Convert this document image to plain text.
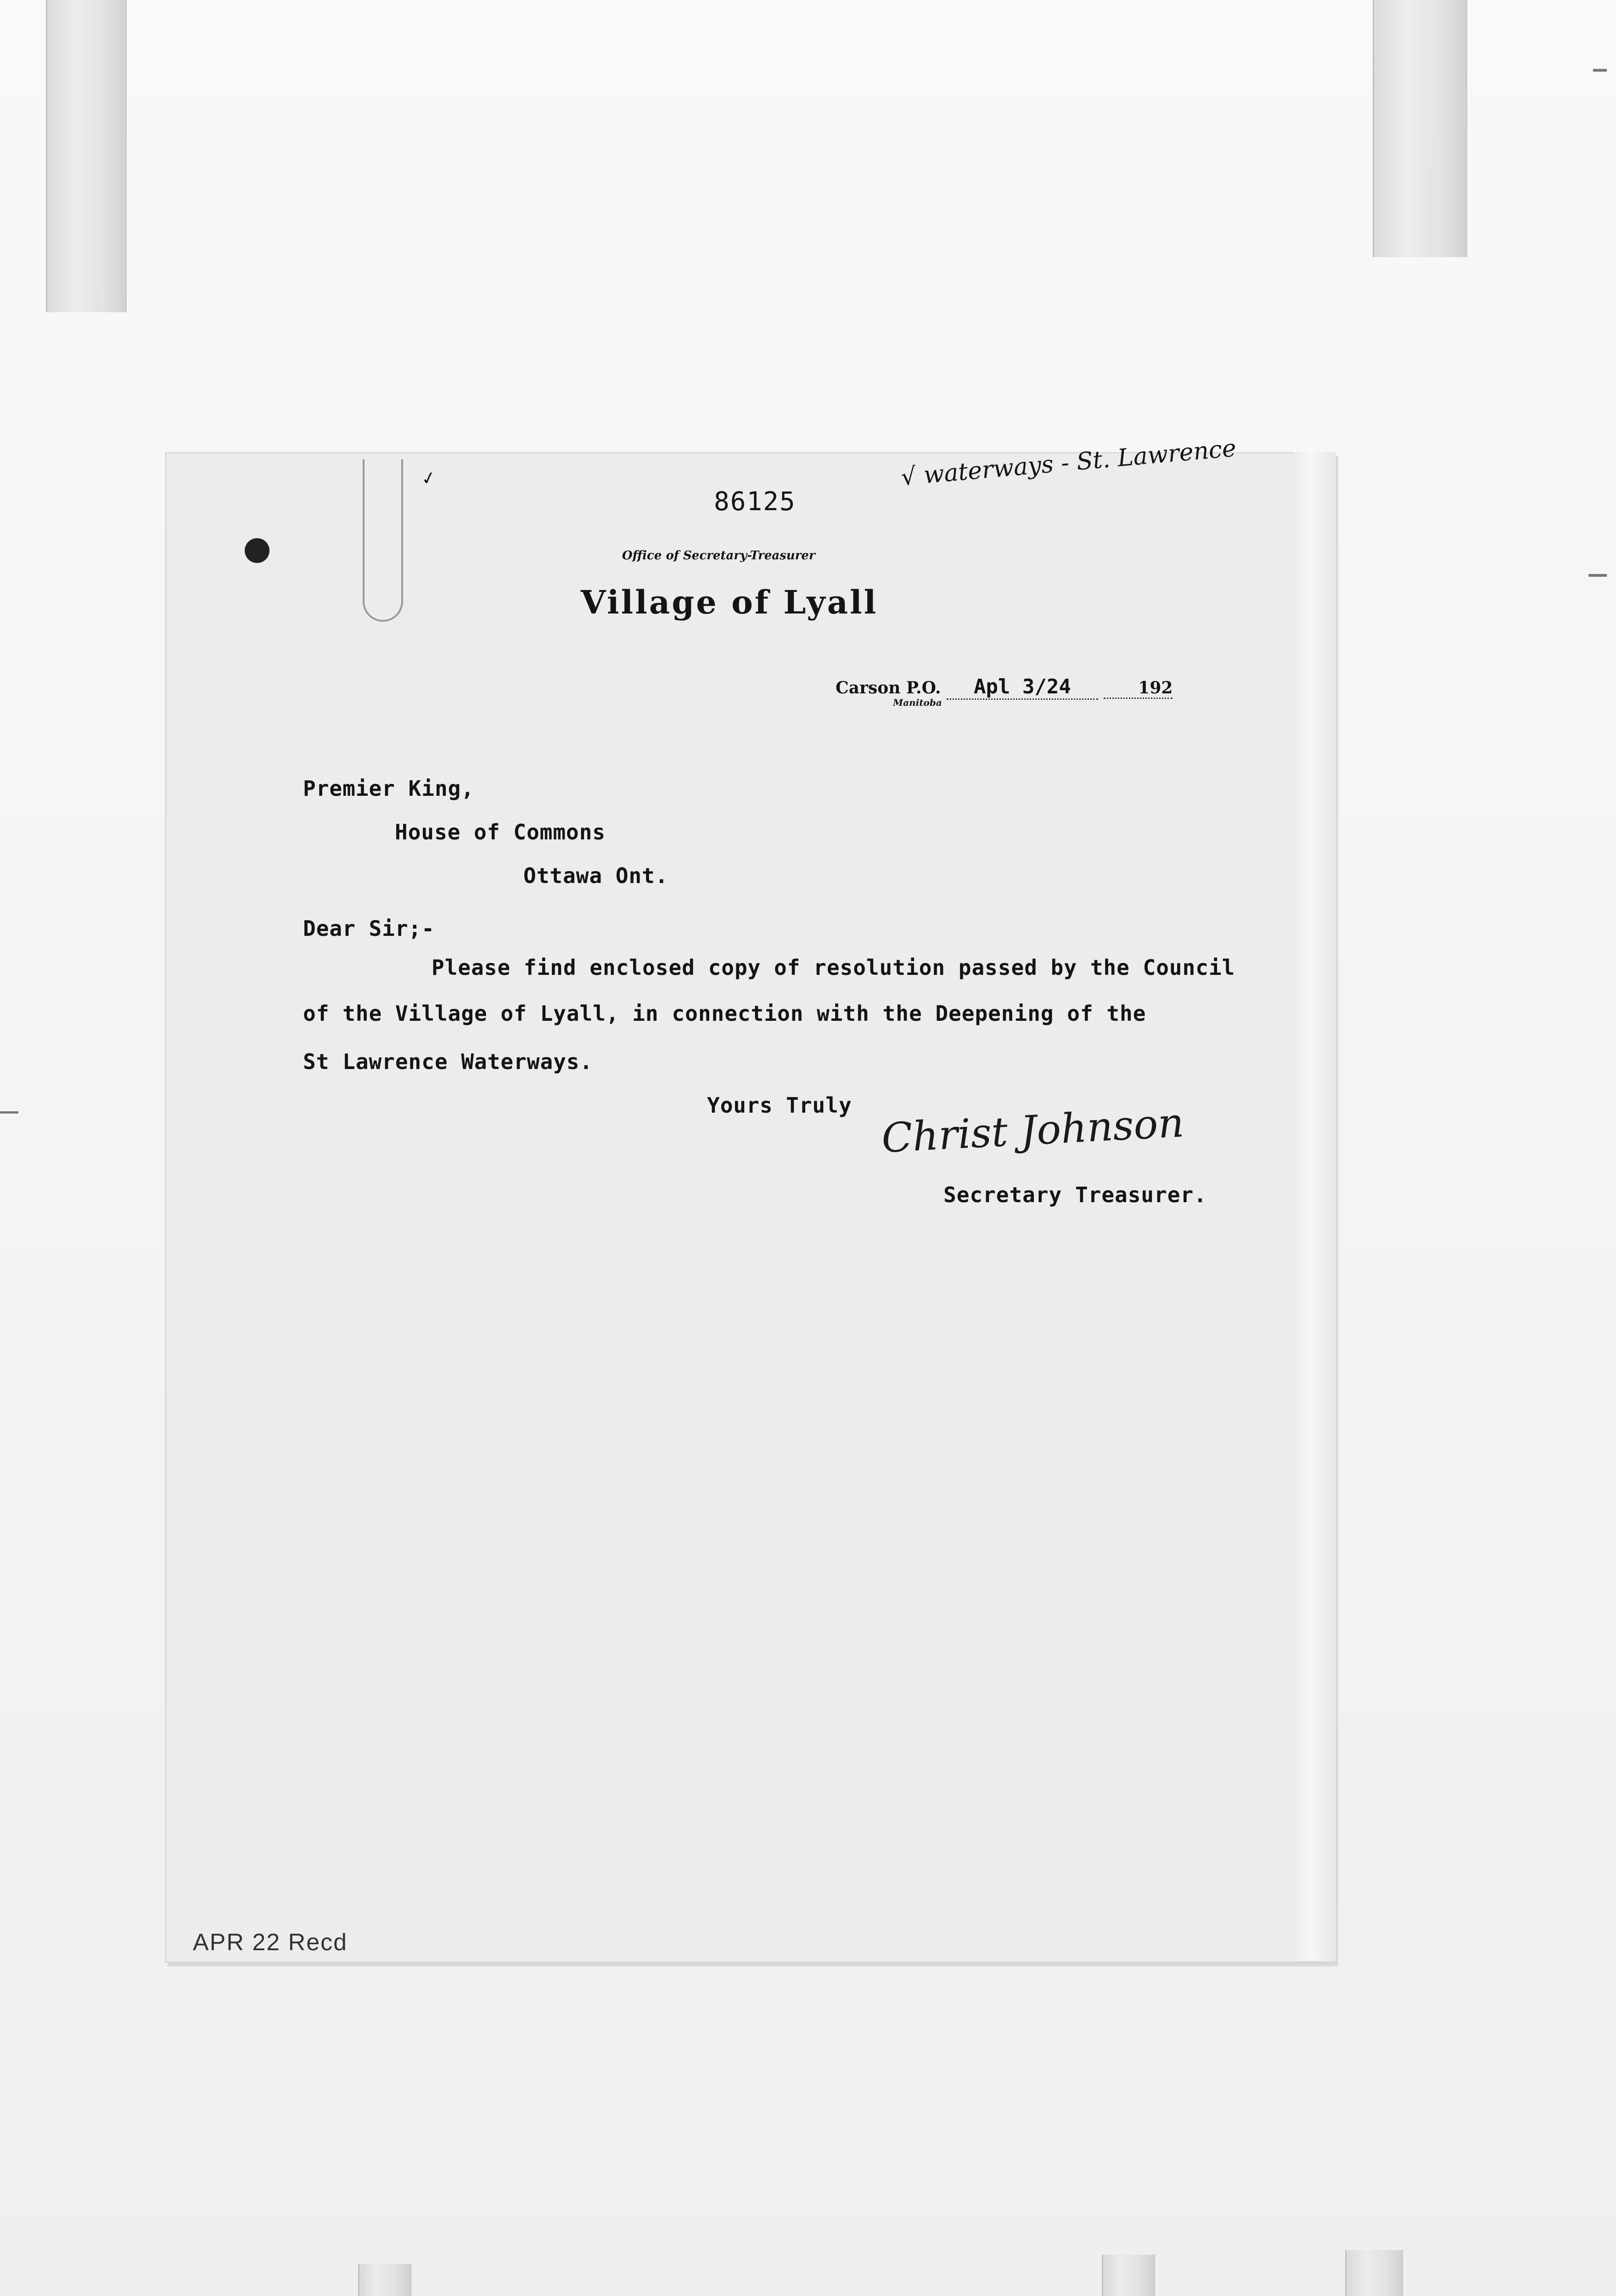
✓
86125
√ waterways - St. Lawrence
Office of Secretary-Treasurer
Village of Lyall
Carson P.O. Apl 3/24	192
Manitoba
Premier King,
House of Commons
Ottawa Ont.
Dear Sir;-
Please find enclosed copy of resolution passed by the Council
of the Village of Lyall, in connection with the Deepening of the
St Lawrence Waterways.
Yours Truly Christ Johnson
Secretary Treasurer.
APR 22 Recd
